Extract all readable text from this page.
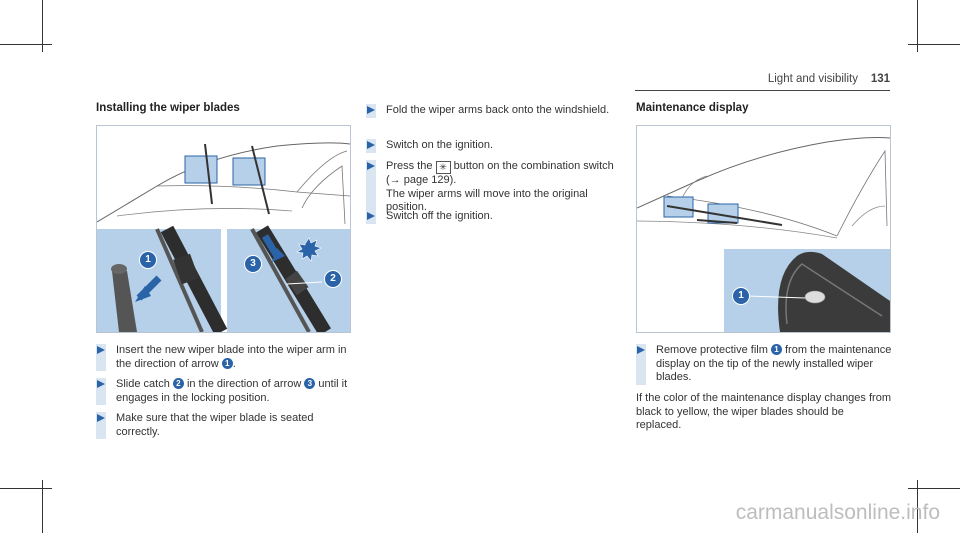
Light and visibility 131
Installing the wiper blades
1	3
2
Insert the new wiper blade into the wiper arm in the direction of arrow 1 .
Slide catch 2 in the direction of arrow 3 until it engages in the locking position.
Make sure that the wiper blade is seated correctly.
Fold the wiper arms back onto the windshield.
Switch on the ignition.
Press the ✳ button on the combination switch (→ page 129).
The wiper arms will move into the original position.
Switch off the ignition.
Maintenance display
1
Remove protective film 1 from the maintenance display on the tip of the newly installed wiper blades.
If the color of the maintenance display changes from black to yellow, the wiper blades should be replaced.
carmanualsonline.info
